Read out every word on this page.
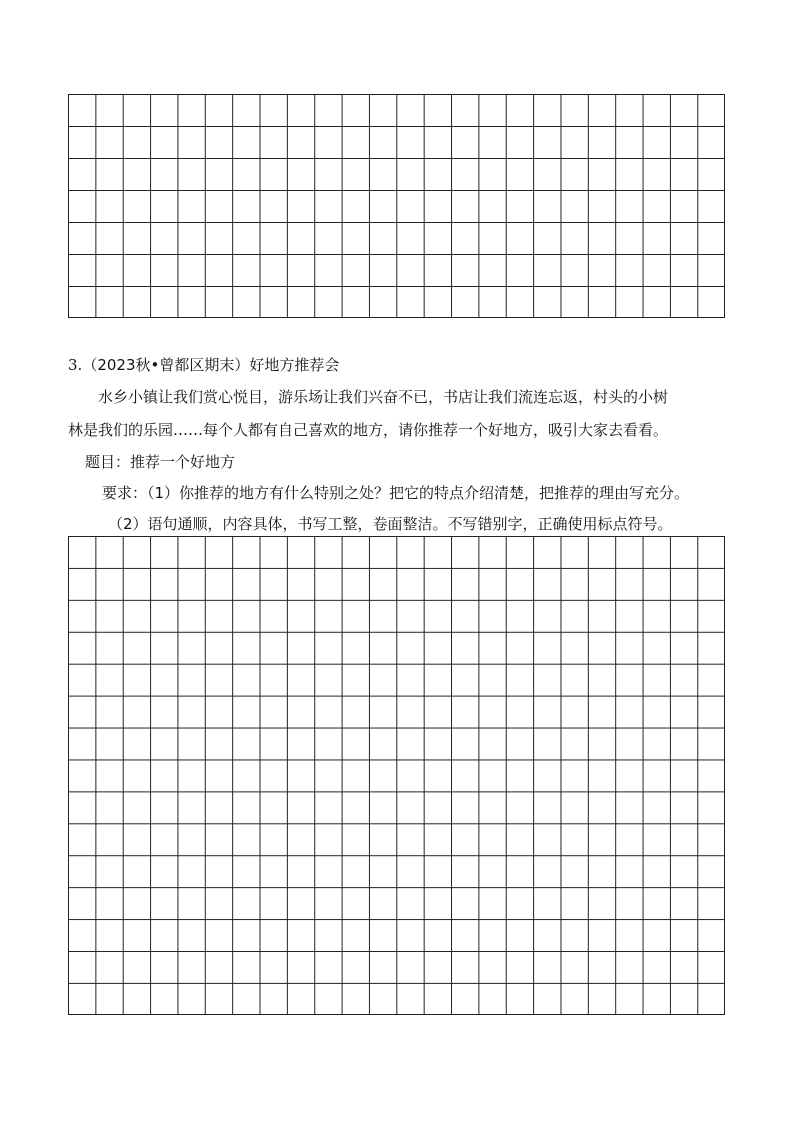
3.（2023秋•曾都区期末）好地方推荐会
水乡小镇让我们赏心悦目，游乐场让我们兴奋不已，书店让我们流连忘返，村头的小树
林是我们的乐园……每个人都有自己喜欢的地方，请你推荐一个好地方，吸引大家去看看。
题目：推荐一个好地方
要求：（1）你推荐的地方有什么特别之处？把它的特点介绍清楚，把推荐的理由写充分。
（2）语句通顺，内容具体，书写工整，卷面整洁。不写错别字，正确使用标点符号。
